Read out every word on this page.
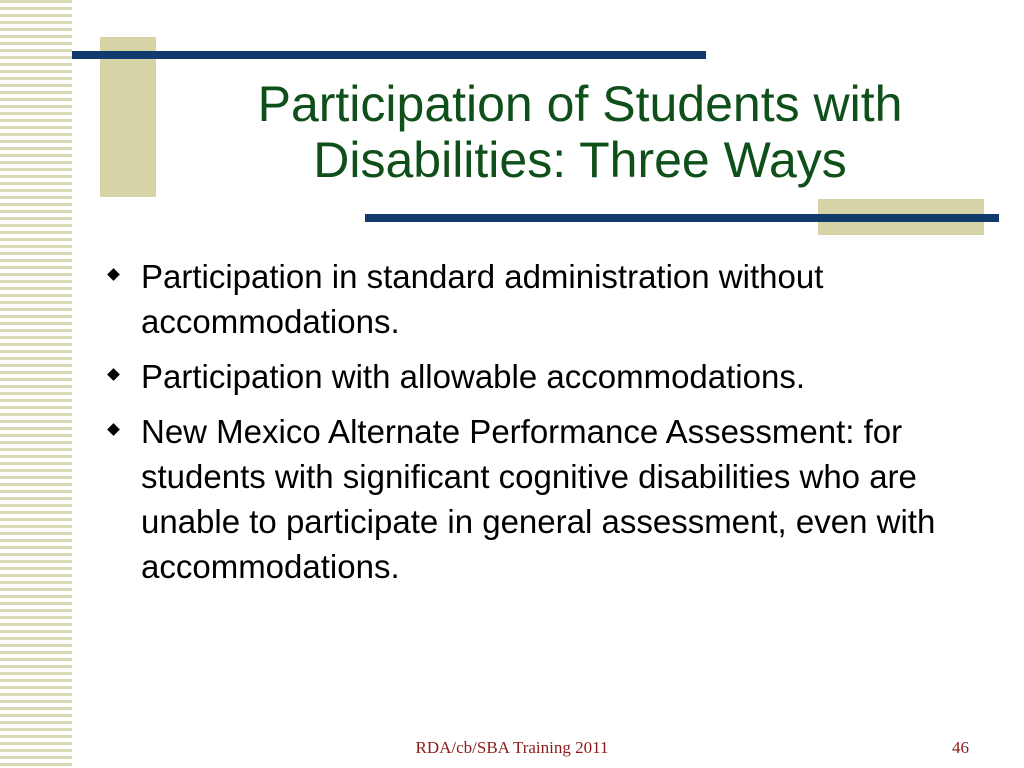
Participation of Students with Disabilities: Three Ways
Participation in standard administration without accommodations.
Participation with allowable accommodations.
New Mexico Alternate Performance Assessment: for students with significant cognitive disabilities who are unable to participate in general assessment, even with accommodations.
RDA/cb/SBA Training 2011	46
